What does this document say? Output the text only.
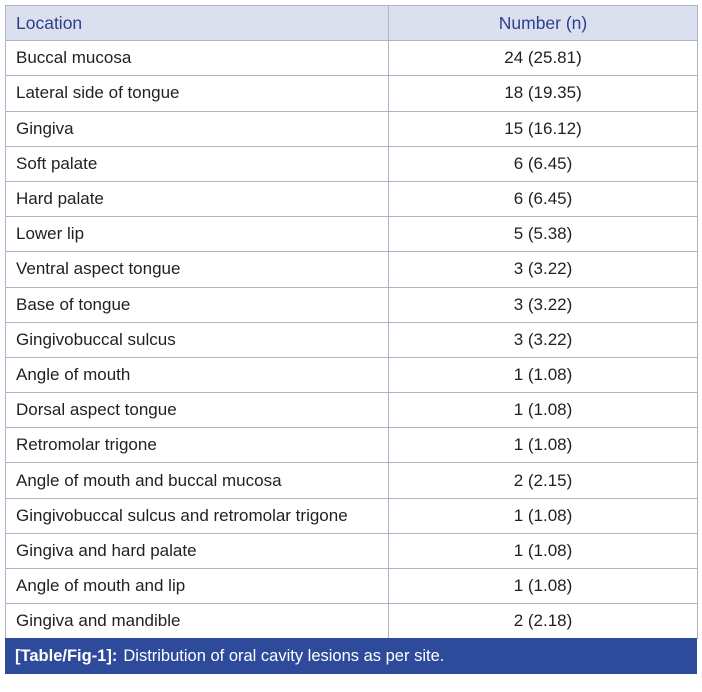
Location	Number (n)
Buccal mucosa	24 (25.81)
Lateral side of tongue	18 (19.35)
Gingiva	15 (16.12)
Soft palate	6 (6.45)
Hard palate	6 (6.45)
Lower lip	5 (5.38)
Ventral aspect tongue	3 (3.22)
Base of tongue	3 (3.22)
Gingivobuccal sulcus	3 (3.22)
Angle of mouth	1 (1.08)
Dorsal aspect tongue	1 (1.08)
Retromolar trigone	1 (1.08)
Angle of mouth and buccal mucosa	2 (2.15)
Gingivobuccal sulcus and retromolar trigone	1 (1.08)
Gingiva and hard palate	1 (1.08)
Angle of mouth and lip	1 (1.08)
Gingiva and mandible	2 (2.18)
[Table/Fig-1]: Distribution of oral cavity lesions as per site.
